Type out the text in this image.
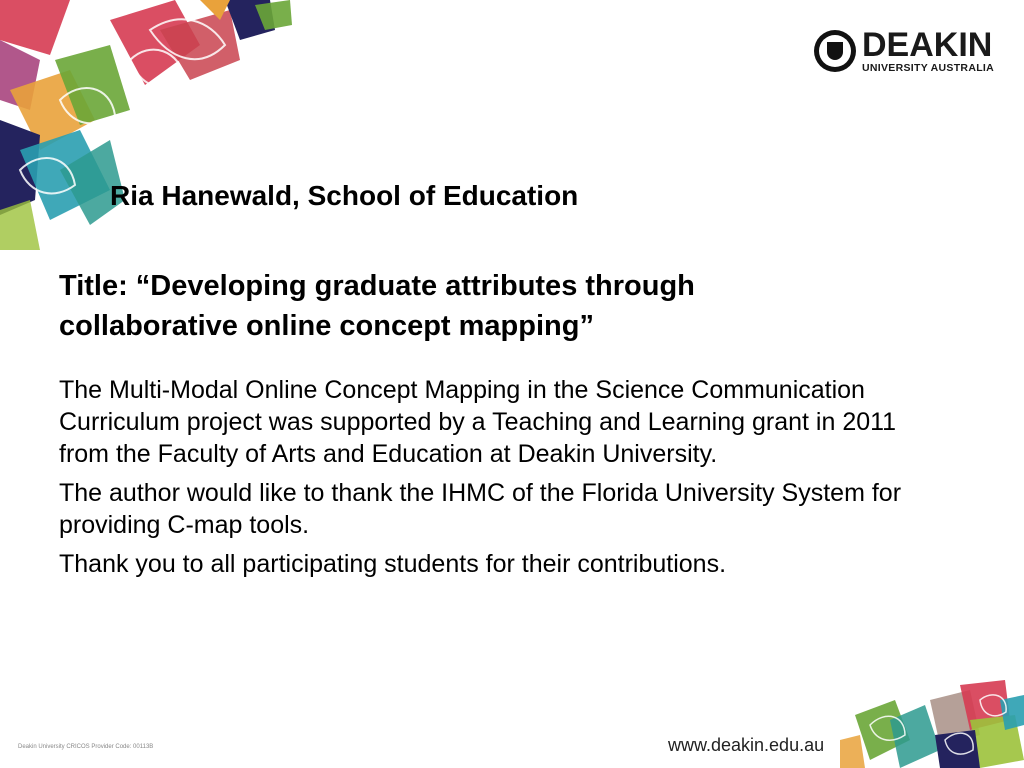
DEAKIN
UNIVERSITY AUSTRALIA
Ria Hanewald, School of Education
Title: “Developing graduate attributes through
collaborative online concept mapping”

The Multi-Modal Online Concept Mapping in the Science Communication Curriculum project was supported by a Teaching and Learning grant in 2011 from the Faculty of Arts and Education at Deakin University.

The author would like to thank the IHMC of the Florida University System for providing C-map tools.

Thank you to all participating students for their contributions.

Deakin University CRICOS Provider Code: 00113B	www.deakin.edu.au
